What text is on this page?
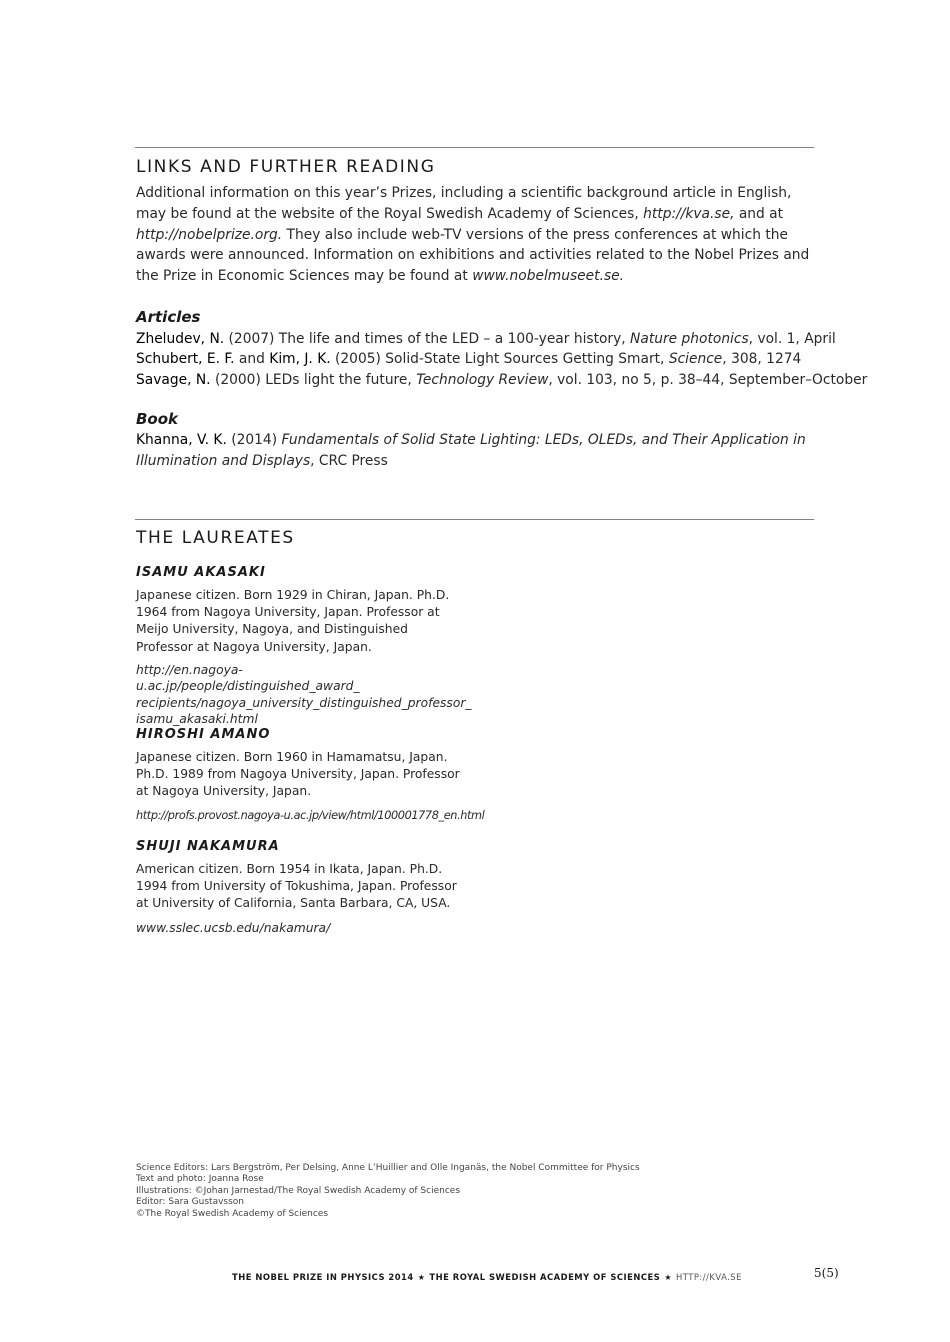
LINKS AND FURTHER READING

Additional information on this year’s Prizes, including a scientific background article in English, may be found at the website of the Royal Swedish Academy of Sciences, http://kva.se, and at http://nobelprize.org. They also include web-TV versions of the press conferences at which the awards were announced. Information on exhibitions and activities related to the Nobel Prizes and the Prize in Economic Sciences may be found at www.nobelmuseet.se.

Articles

Zheludev, N. (2007) The life and times of the LED – a 100-year history, Nature photonics, vol. 1, April

Schubert, E. F. and Kim, J. K. (2005) Solid-State Light Sources Getting Smart, Science, 308, 1274

Savage, N. (2000) LEDs light the future, Technology Review, vol. 103, no 5, p. 38–44, September–October

Book

Khanna, V. K. (2014) Fundamentals of Solid State Lighting: LEDs, OLEDs, and Their Application in Illumination and Displays, CRC Press

THE LAUREATES
ISAMU AKASAKI

Japanese citizen. Born 1929 in Chiran, Japan. Ph.D. 1964 from Nagoya University, Japan. Professor at Meijo University, Nagoya, and Distinguished Professor at Nagoya University, Japan.

http://en.nagoya-u.ac.jp/people/distinguished_award_ recipients/nagoya_university_distinguished_professor_ isamu_akasaki.html

HIROSHI AMANO

Japanese citizen. Born 1960 in Hamamatsu, Japan. Ph.D. 1989 from Nagoya University, Japan. Professor at Nagoya University, Japan.

http://profs.provost.nagoya-u.ac.jp/view/html/100001778_en.html

SHUJI NAKAMURA

American citizen. Born 1954 in Ikata, Japan. Ph.D. 1994 from University of Tokushima, Japan. Professor at University of California, Santa Barbara, CA, USA.

www.sslec.ucsb.edu/nakamura/

Science Editors: Lars Bergström, Per Delsing, Anne L’Huillier and Olle Inganäs, the Nobel Committee for Physics
Text and photo: Joanna Rose
Illustrations: ©Johan Jarnestad/The Royal Swedish Academy of Sciences
Editor: Sara Gustavsson
©The Royal Swedish Academy of Sciences
THE NOBEL PRIZE IN PHYSICS 2014 ★ THE ROYAL SWEDISH ACADEMY OF SCIENCES ★ HTTP://KVA.SE	5(5)
